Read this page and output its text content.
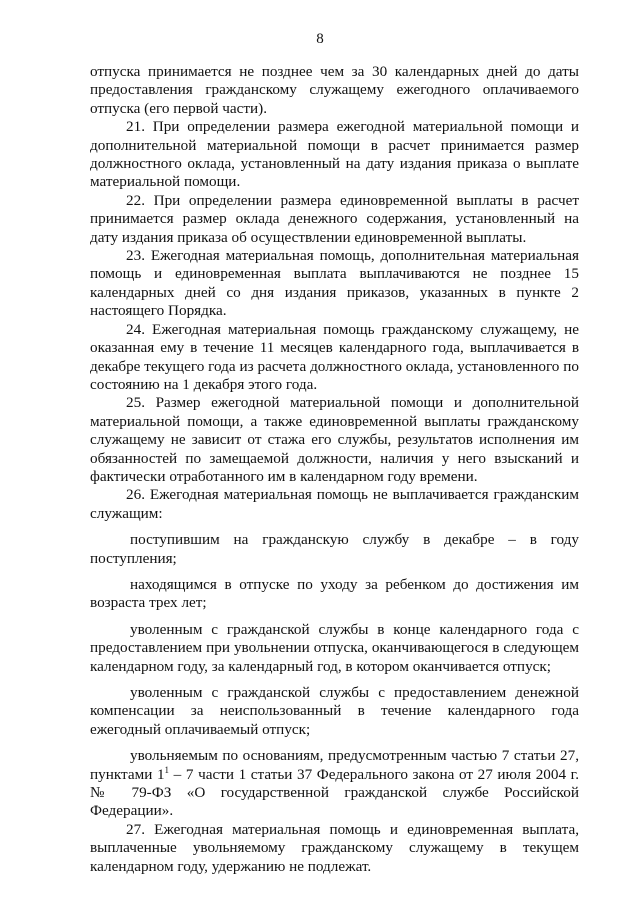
8

отпуска принимается не позднее чем за 30 календарных дней до даты предоставления гражданскому служащему ежегодного оплачиваемого отпуска (его первой части).

21. При определении размера ежегодной материальной помощи и дополнительной материальной помощи в расчет принимается размер должностного оклада, установленный на дату издания приказа о выплате материальной помощи.

22. При определении размера единовременной выплаты в расчет принимается размер оклада денежного содержания, установленный на дату издания приказа об осуществлении единовременной выплаты.

23. Ежегодная материальная помощь, дополнительная материальная помощь и единовременная выплата выплачиваются не позднее 15 календарных дней со дня издания приказов, указанных в пункте 2 настоящего Порядка.

24. Ежегодная материальная помощь гражданскому служащему, не оказанная ему в течение 11 месяцев календарного года, выплачивается в декабре текущего года из расчета должностного оклада, установленного по состоянию на 1 декабря этого года.

25. Размер ежегодной материальной помощи и дополнительной материальной помощи, а также единовременной выплаты гражданскому служащему не зависит от стажа его службы, результатов исполнения им обязанностей по замещаемой должности, наличия у него взысканий и фактически отработанного им в календарном году времени.

26. Ежегодная материальная помощь не выплачивается гражданским служащим:

поступившим на гражданскую службу в декабре – в году поступления;

находящимся в отпуске по уходу за ребенком до достижения им возраста трех лет;

уволенным с гражданской службы в конце календарного года с предоставлением при увольнении отпуска, оканчивающегося в следующем календарном году, за календарный год, в котором оканчивается отпуск;

уволенным с гражданской службы с предоставлением денежной компенсации за неиспользованный в течение календарного года ежегодный оплачиваемый отпуск;

увольняемым по основаниям, предусмотренным частью 7 статьи 27, пунктами $1^1 - 7$ части 1 статьи 37 Федерального закона от 27 июля 2004 г. № 79-ФЗ «О государственной гражданской службе Российской Федерации».

27. Ежегодная материальная помощь и единовременная выплата, выплаченные увольняемому гражданскому служащему в текущем календарном году, удержанию не подлежат.
